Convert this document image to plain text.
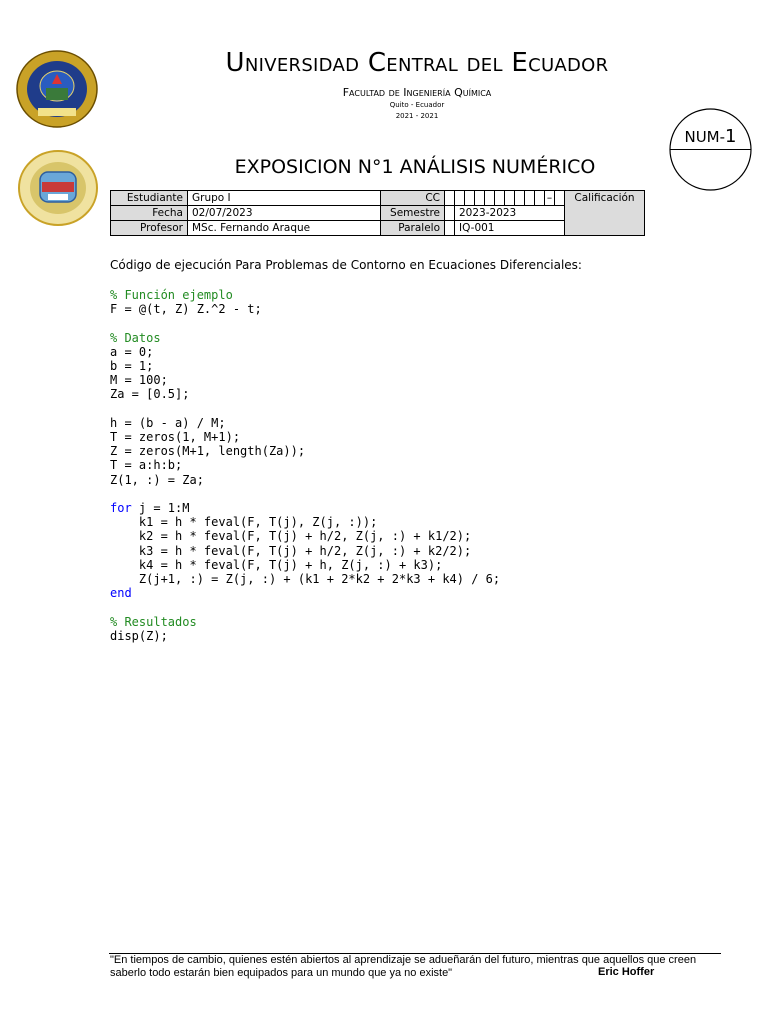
Universidad Central del Ecuador
Facultad de Ingeniería Química
Quito - Ecuador
2021 - 2021
NUM-1
EXPOSICION N°1 ANÁLISIS NUMÉRICO
Estudiante	Grupo I	CC											–		Calificación
Fecha	02/07/2023	Semestre		2023-2023											
Profesor	MSc. Fernando Araque	Paralelo		IQ-001											
Código de ejecución Para Problemas de Contorno en Ecuaciones Diferenciales:
% Función ejemplo
F = @(t, Z) Z.^2 - t;

% Datos
a = 0;
b = 1;
M = 100;
Za = [0.5];

h = (b - a) / M;
T = zeros(1, M+1);
Z = zeros(M+1, length(Za));
T = a:h:b;
Z(1, :) = Za;

for j = 1:M
k1 = h * feval(F, T(j), Z(j, :));
k2 = h * feval(F, T(j) + h/2, Z(j, :) + k1/2);
k3 = h * feval(F, T(j) + h/2, Z(j, :) + k2/2);
k4 = h * feval(F, T(j) + h, Z(j, :) + k3);
Z(j+1, :) = Z(j, :) + (k1 + 2*k2 + 2*k3 + k4) / 6;
end

% Resultados
disp(Z);
"En tiempos de cambio, quienes estén abiertos al aprendizaje se adueñarán del futuro, mientras que aquellos que creen saberlo todo estarán bien equipados para un mundo que ya no existe"	Eric Hoffer
